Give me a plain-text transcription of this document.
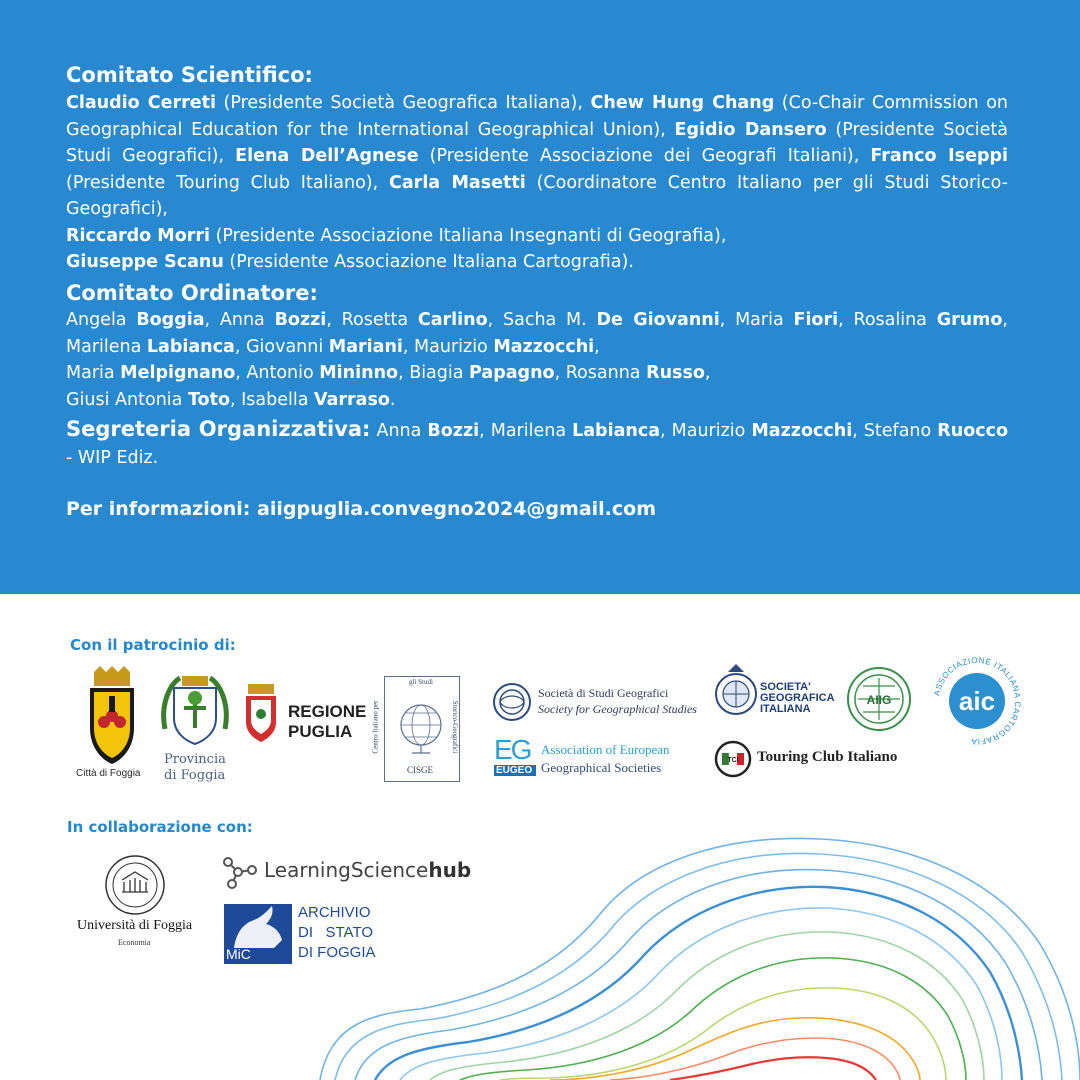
Comitato Scientifico:
Claudio Cerreti (Presidente Società Geografica Italiana), Chew Hung Chang (Co-Chair Commission on Geographical Education for the International Geographical Union), Egidio Dansero (Presidente Società Studi Geografici), Elena Dell’Agnese (Presidente Associazione dei Geografi Italiani), Franco Iseppi (Presidente Touring Club Italiano), Carla Masetti (Coordinatore Centro Italiano per gli Studi Storico-Geografici),
Riccardo Morri (Presidente Associazione Italiana Insegnanti di Geografia),
Giuseppe Scanu (Presidente Associazione Italiana Cartografia).
Comitato Ordinatore:
Angela Boggia, Anna Bozzi, Rosetta Carlino, Sacha M. De Giovanni, Maria Fiori, Rosalina Grumo, Marilena Labianca, Giovanni Mariani, Maurizio Mazzocchi,
Maria Melpignano, Antonio Mininno, Biagia Papagno, Rosanna Russo,
Giusi Antonia Toto, Isabella Varraso.
Segreteria Organizzativa: Anna Bozzi, Marilena Labianca, Maurizio Mazzocchi, Stefano Ruocco - WIP Ediz.
Per informazioni: aiigpuglia.convegno2024@gmail.com
Con il patrocinio di:
Città di Foggia
Provincia
di Foggia
REGIONE
PUGLIA
gli Studi
Centro Italiano per	Storico-Geografici
CISGE
Società di Studi Geografici
Society for Geographical Studies
EG
EUGEO
Association of European
Geographical Societies
SOCIETA'
GEOGRAFICA
ITALIANA
AIIG
ASSOCIAZIONE ITALIANA CARTOGRAFIA
aic
TCI Touring Club Italiano
In collaborazione con:
Università di Foggia
Economia
LearningSciencehub
MiC
ARCHIVIO
DI   STATO
DI FOGGIA
